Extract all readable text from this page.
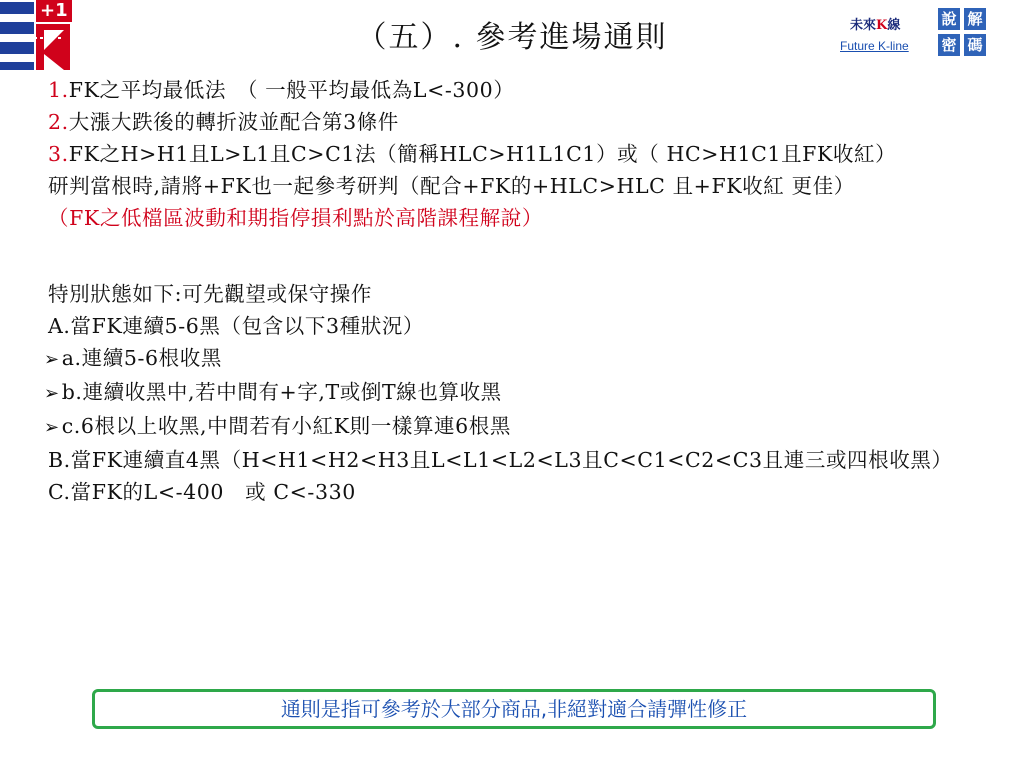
+1
（五）. 參考進場通則	未來K線
Future K-line
說 解
密 碼
1.FK之平均最低法　（ 一般平均最低為L<-300）
2.大漲大跌後的轉折波並配合第3條件
3.FK之H>H1且L>L1且C>C1法（簡稱HLC>H1L1C1）或（ HC>H1C1且FK收紅）
研判當根時,請將+FK也一起參考研判（配合+FK的+HLC>HLC 且+FK收紅 更佳）
（FK之低檔區波動和期指停損利點於高階課程解說）
特別狀態如下:可先觀望或保守操作
A.當FK連續5-6黑（包含以下3種狀況）
➢a.連續5-6根收黑
➢b.連續收黑中,若中間有+字,T或倒T線也算收黑
➢c.6根以上收黑,中間若有小紅K則一樣算連6根黑
B.當FK連續直4黑（H<H1<H2<H3且L<L1<L2<L3且C<C1<C2<C3且連三或四根收黑）
C.當FK的L<-400　或 C<-330
通則是指可參考於大部分商品,非絕對適合請彈性修正
